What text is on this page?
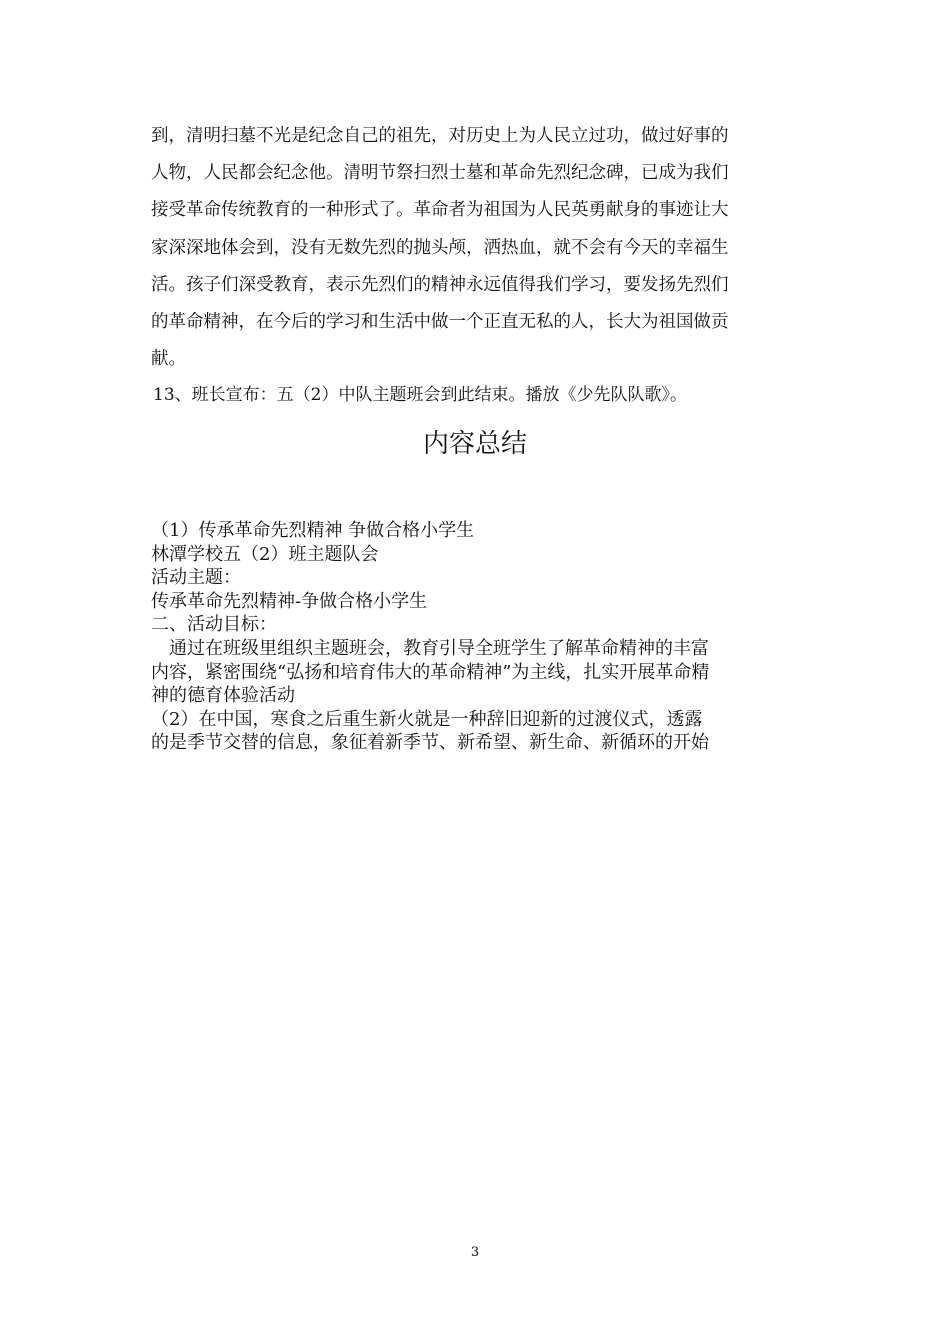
到，清明扫墓不光是纪念自己的祖先，对历史上为人民立过功，做过好事的
人物，人民都会纪念他。清明节祭扫烈士墓和革命先烈纪念碑，已成为我们
接受革命传统教育的一种形式了。革命者为祖国为人民英勇献身的事迹让大
家深深地体会到，没有无数先烈的抛头颅，洒热血，就不会有今天的幸福生
活。孩子们深受教育，表示先烈们的精神永远值得我们学习，要发扬先烈们
的革命精神，在今后的学习和生活中做一个正直无私的人，长大为祖国做贡
献。

13、班长宣布：五（2）中队主题班会到此结束。播放《少先队队歌》。
内容总结
（1）传承革命先烈精神 争做合格小学生
林潭学校五（2）班主题队会
活动主题：
传承革命先烈精神-争做合格小学生
二、活动目标：
　通过在班级里组织主题班会，教育引导全班学生了解革命精神的丰富
内容，紧密围绕“弘扬和培育伟大的革命精神”为主线，扎实开展革命精
神的德育体验活动
（2）在中国，寒食之后重生新火就是一种辞旧迎新的过渡仪式，透露
的是季节交替的信息，象征着新季节、新希望、新生命、新循环的开始
3
